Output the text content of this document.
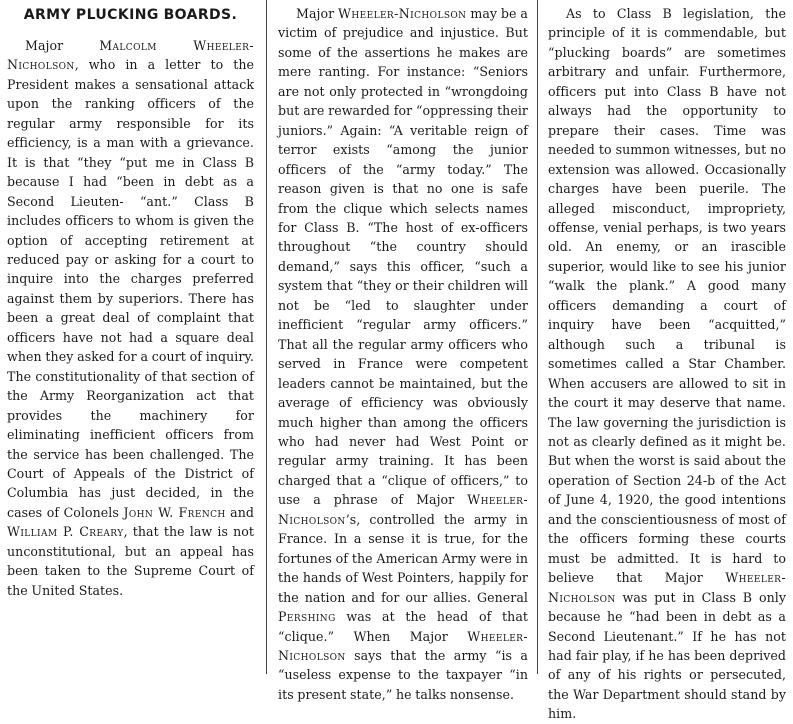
ARMY PLUCKING BOARDS.

Major Malcolm Wheeler-Nicholson, who in a letter to the President makes a sensational attack upon the ranking officers of the regular army responsible for its efficiency, is a man with a grievance. It is that “they “put me in Class B because I had “been in debt as a Second Lieuten- “ant.” Class B includes officers to whom is given the option of accepting retirement at reduced pay or asking for a court to inquire into the charges preferred against them by superiors. There has been a great deal of complaint that officers have not had a square deal when they asked for a court of inquiry. The constitutionality of that section of the Army Reorganization act that provides the machinery for eliminating inefficient officers from the service has been challenged. The Court of Appeals of the District of Columbia has just decided, in the cases of Colonels John W. French and William P. Creary, that the law is not unconstitutional, but an appeal has been taken to the Supreme Court of the United States.

Major Wheeler-Nicholson may be a victim of prejudice and injustice. But some of the assertions he makes are mere ranting. For instance: “Seniors are not only protected in “wrongdoing but are rewarded for “oppressing their juniors.” Again: “A veritable reign of terror exists “among the junior officers of the “army today.” The reason given is that no one is safe from the clique which selects names for Class B. “The host of ex-officers throughout “the country should demand,” says this officer, “such a system that “they or their children will not be “led to slaughter under inefficient “regular army officers.” That all the regular army officers who served in France were competent leaders cannot be maintained, but the average of efficiency was obviously much higher than among the officers who had never had West Point or regular army training. It has been charged that a “clique of officers,” to use a phrase of Major Wheeler-Nicholson’s, controlled the army in France. In a sense it is true, for the fortunes of the American Army were in the hands of West Pointers, happily for the nation and for our allies. General Pershing was at the head of that “clique.” When Major Wheeler-Nicholson says that the army “is a “useless expense to the taxpayer “in its present state,” he talks nonsense.

As to Class B legislation, the principle of it is commendable, but “plucking boards” are sometimes arbitrary and unfair. Furthermore, officers put into Class B have not always had the opportunity to prepare their cases. Time was needed to summon witnesses, but no extension was allowed. Occasionally charges have been puerile. The alleged misconduct, impropriety, offense, venial perhaps, is two years old. An enemy, or an irascible superior, would like to see his junior “walk the plank.” A good many officers demanding a court of inquiry have been “acquitted,” although such a tribunal is sometimes called a Star Chamber. When accusers are allowed to sit in the court it may deserve that name. The law governing the jurisdiction is not as clearly defined as it might be. But when the worst is said about the operation of Section 24-b of the Act of June 4, 1920, the good intentions and the conscientiousness of most of the officers forming these courts must be admitted. It is hard to believe that Major Wheeler-Nicholson was put in Class B only because he “had been in debt as a Second Lieutenant.” If he has not had fair play, if he has been deprived of any of his rights or persecuted, the War Department should stand by him.
